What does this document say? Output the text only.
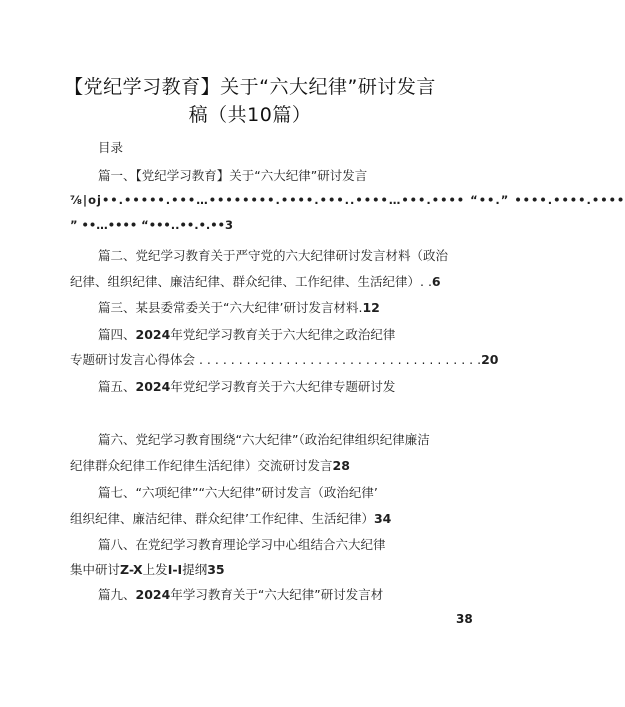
【党纪学习教育】关于“六大纪律”研讨发言
稿（共10篇）
目录
篇一、【党纪学习教育】关于“六大纪律”研讨发言
⅞|oj••.•••••.•••…••••••••.••••.•••..••••…•••.•••• “••.” ••••.••••.••••
” ••…•••• “•••..••.•.••3
篇二、党纪学习教育关于严守党的六大纪律研讨发言材料（政治
纪律、组织纪律、廉洁纪律、群众纪律、工作纪律、生活纪律）. .6
篇三、某县委常委关于“六大纪律’研讨发言材料.12
篇四、2024年党纪学习教育关于六大纪律之政治纪律
专题研讨发言心得体会 . . . . . . . . . . . . . . . . . . . . . . . . . . . . . . . . . . . .20
篇五、2024年党纪学习教育关于六大纪律专题研讨发
篇六、党纪学习教育围绕“六大纪律”（政治纪律组织纪律廉洁
纪律群众纪律工作纪律生活纪律）交流研讨发言28
篇七、“六项纪律”“六大纪律”研讨发言（政治纪律’
组织纪律、廉洁纪律、群众纪律’工作纪律、生活纪律）34
篇八、在党纪学习教育理论学习中心组结合六大纪律
集中研讨Z-X上发I-I提纲35
篇九、2024年学习教育关于“六大纪律”研讨发言材
38
